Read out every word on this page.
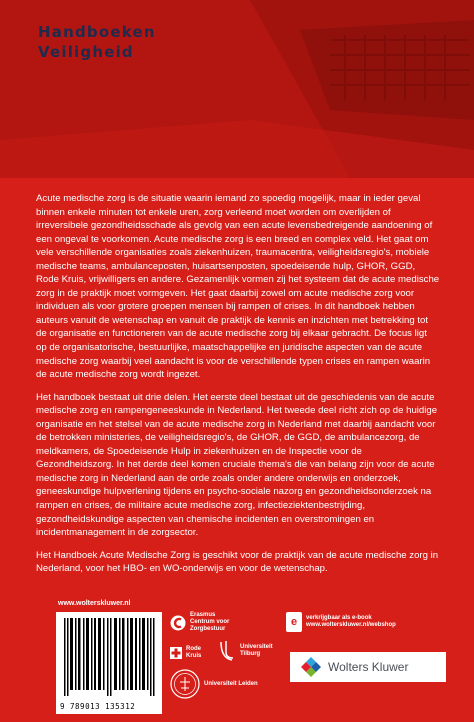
Handboeken
Veiligheid

Acute medische zorg is de situatie waarin iemand zo spoedig mogelijk, maar in ieder geval binnen enkele minuten tot enkele uren, zorg verleend moet worden om overlijden of irreversibele gezondheidsschade als gevolg van een acute levensbedreigende aandoening of een ongeval te voorkomen. Acute medische zorg is een breed en complex veld. Het gaat om vele verschillende organisaties zoals ziekenhuizen, traumacentra, veiligheidsregio's, mobiele medische teams, ambulanceposten, huisartsenposten, spoedeisende hulp, GHOR, GGD, Rode Kruis, vrijwilligers en andere. Gezamenlijk vormen zij het systeem dat de acute medische zorg in de praktijk moet vormgeven. Het gaat daarbij zowel om acute medische zorg voor individuen als voor grotere groepen mensen bij rampen of crises. In dit handboek hebben auteurs vanuit de wetenschap en vanuit de praktijk de kennis en inzichten met betrekking tot de organisatie en functioneren van de acute medische zorg bij elkaar gebracht. De focus ligt op de organisatorische, bestuurlijke, maatschappelijke en juridische aspecten van de acute medische zorg waarbij veel aandacht is voor de verschillende typen crises en rampen waarin de acute medische zorg wordt ingezet.

Het handboek bestaat uit drie delen. Het eerste deel bestaat uit de geschiedenis van de acute medische zorg en rampengeneeskunde in Nederland. Het tweede deel richt zich op de huidige organisatie en het stelsel van de acute medische zorg in Nederland met daarbij aandacht voor de betrokken ministeries, de veiligheidsregio's, de GHOR, de GGD, de ambulancezorg, de meldkamers, de Spoedeisende Hulp in ziekenhuizen en de Inspectie voor de Gezondheidszorg. In het derde deel komen cruciale thema's die van belang zijn voor de acute medische zorg in Nederland aan de orde zoals onder andere onderwijs en onderzoek, geneeskundige hulpverlening tijdens en psycho-sociale nazorg en gezondheidsonderzoek na rampen en crises, de militaire acute medische zorg, infectieziektenbestrijding, gezondheidskundige aspecten van chemische incidenten en overstromingen en incidentmanagement in de zorgsector.

Het Handboek Acute Medische Zorg is geschikt voor de praktijk van de acute medische zorg in Nederland, voor het HBO- en WO-onderwijs en voor de wetenschap.

www.wolterskluwer.nl
9 789013 135312
Erasmus
Centrum voor
Zorgbestuur
e	verkrijgbaar als e-book
www.wolterskluwer.nl/webshop
Rode
Kruis
Universiteit
Tilburg
Universiteit Leiden
Wolters Kluwer
